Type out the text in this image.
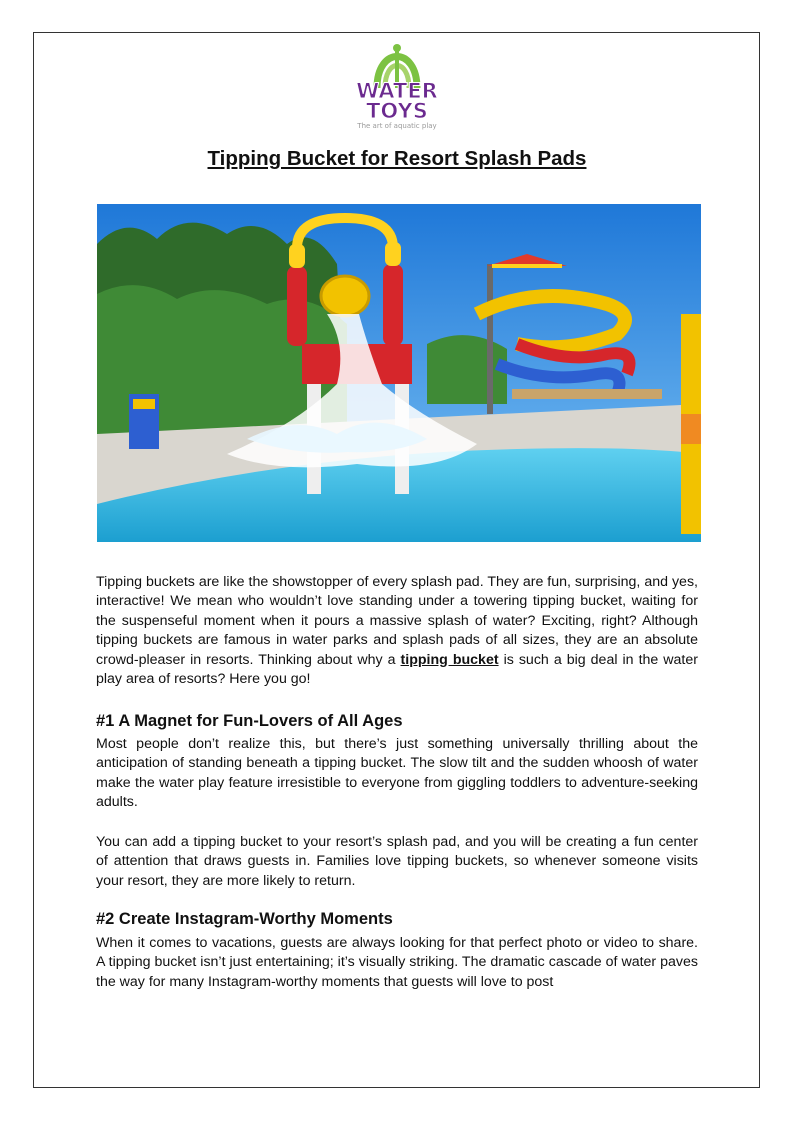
WATER
TOYS
The art of aquatic play
Tipping Bucket for Resort Splash Pads

Tipping buckets are like the showstopper of every splash pad. They are fun, surprising, and yes, interactive! We mean who wouldn’t love standing under a towering tipping bucket, waiting for the suspenseful moment when it pours a massive splash of water? Exciting, right? Although tipping buckets are famous in water parks and splash pads of all sizes, they are an absolute crowd-pleaser in resorts. Thinking about why a tipping bucket is such a big deal in the water play area of resorts? Here you go!

#1 A Magnet for Fun-Lovers of All Ages

Most people don’t realize this, but there’s just something universally thrilling about the anticipation of standing beneath a tipping bucket. The slow tilt and the sudden whoosh of water make the water play feature irresistible to everyone from giggling toddlers to adventure-seeking adults.

You can add a tipping bucket to your resort’s splash pad, and you will be creating a fun center of attention that draws guests in. Families love tipping buckets, so whenever someone visits your resort, they are more likely to return.

#2 Create Instagram-Worthy Moments

When it comes to vacations, guests are always looking for that perfect photo or video to share. A tipping bucket isn’t just entertaining; it’s visually striking. The dramatic cascade of water paves the way for many Instagram-worthy moments that guests will love to post
